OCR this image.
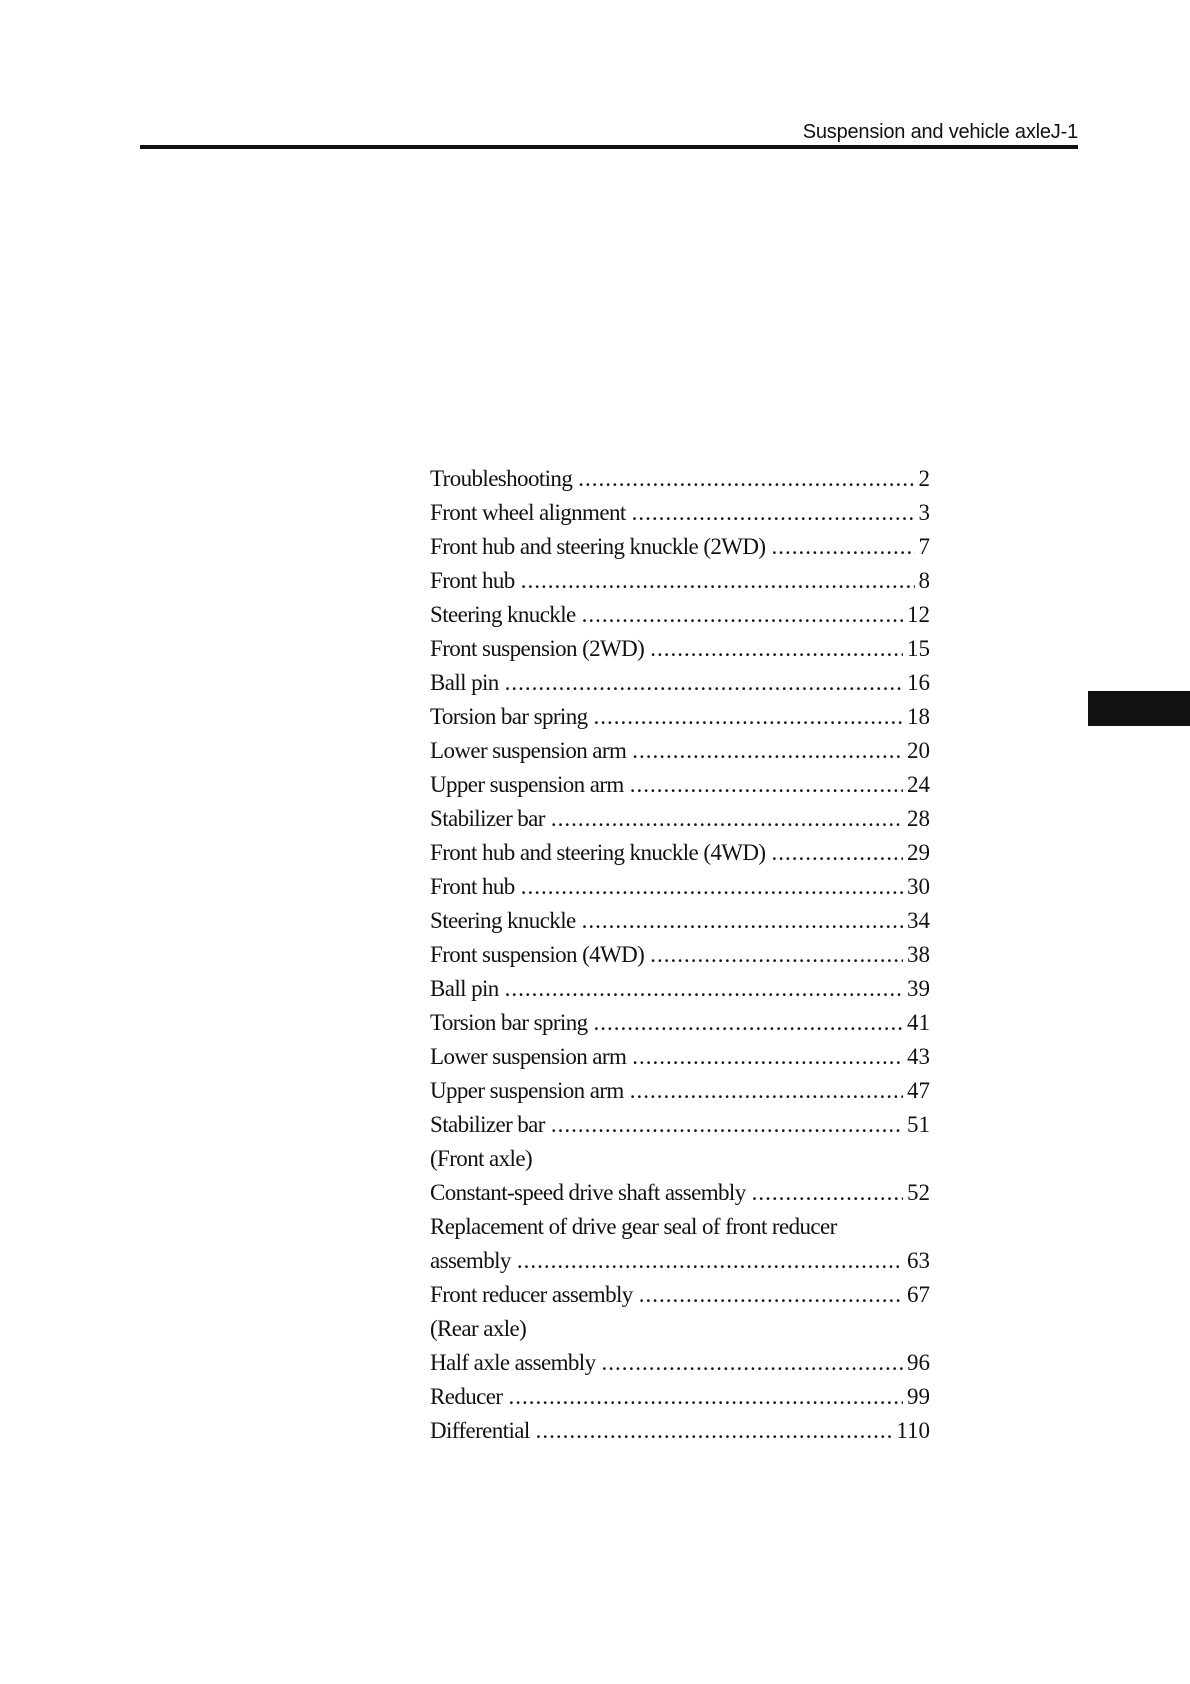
Suspension and vehicle axleJ-1
Troubleshooting .....	2
Front wheel alignment .....	3
Front hub and steering knuckle (2WD) .....	7
Front hub .....	8
Steering knuckle .....	12
Front suspension (2WD) .....	15
Ball pin .....	16
Torsion bar spring .....	18
Lower suspension arm .....	20
Upper suspension arm .....	24
Stabilizer bar .....	28
Front hub and steering knuckle (4WD) .....	29
Front hub .....	30
Steering knuckle .....	34
Front suspension (4WD) .....	38
Ball pin .....	39
Torsion bar spring .....	41
Lower suspension arm .....	43
Upper suspension arm .....	47
Stabilizer bar .....	51
(Front axle)
Constant-speed drive shaft assembly .....	52
Replacement of drive gear seal of front reducer
assembly .....	63
Front reducer assembly .....	67
(Rear axle)
Half axle assembly .....	96
Reducer .....	99
Differential .....	110
